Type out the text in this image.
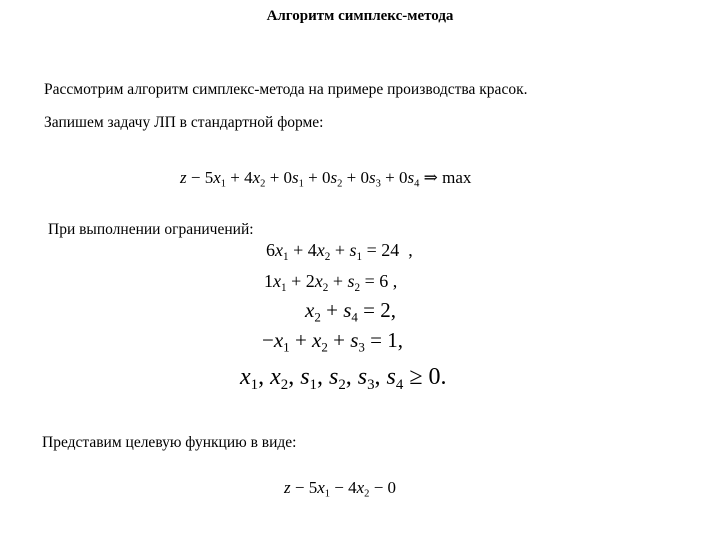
Алгоритм симплекс-метода
Рассмотрим алгоритм симплекс-метода на примере производства красок.
Запишем задачу ЛП в стандартной форме:
$z - 5x_1 + 4x_2 + 0s_1 + 0s_2 + 0s_3 + 0s_4$ ⇒ max
При выполнении ограничений:
$6x_1 + 4x_2 + s_1 = 24$ ,
$1x_1 + 2x_2 + s_2 = 6$ ,
$x_2 + s_4 = 2$,
$-x_1 + x_2 + s_3 = 1$,
$x_1$, $x_2$, $s_1$, $s_2$, $s_3$, $s_4 \ge 0$.
Представим целевую функцию в виде:
$z - 5x_1 - 4x_2 - 0$
